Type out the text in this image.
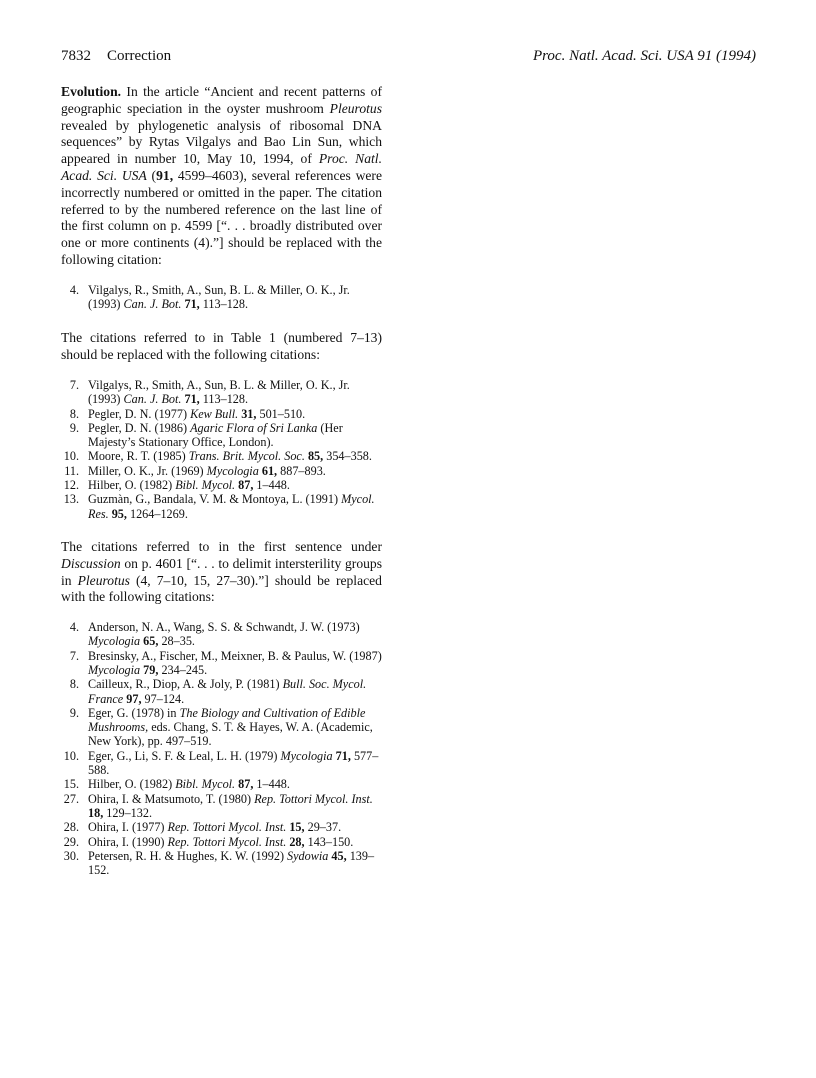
7832 Correction	Proc. Natl. Acad. Sci. USA 91 (1994)

Evolution. In the article “Ancient and recent patterns of geographic speciation in the oyster mushroom Pleurotus revealed by phylogenetic analysis of ribosomal DNA sequences” by Rytas Vilgalys and Bao Lin Sun, which appeared in number 10, May 10, 1994, of Proc. Natl. Acad. Sci. USA (91, 4599–4603), several references were incorrectly numbered or omitted in the paper. The citation referred to by the numbered reference on the last line of the first column on p. 4599 [“. . . broadly distributed over one or more continents (4).”] should be replaced with the following citation:

4. Vilgalys, R., Smith, A., Sun, B. L. & Miller, O. K., Jr. (1993) Can. J. Bot. 71, 113–128.

The citations referred to in Table 1 (numbered 7–13) should be replaced with the following citations:

7. Vilgalys, R., Smith, A., Sun, B. L. & Miller, O. K., Jr. (1993) Can. J. Bot. 71, 113–128.
8. Pegler, D. N. (1977) Kew Bull. 31, 501–510.
9. Pegler, D. N. (1986) Agaric Flora of Sri Lanka (Her Majesty’s Stationary Office, London).
10. Moore, R. T. (1985) Trans. Brit. Mycol. Soc. 85, 354–358.
11. Miller, O. K., Jr. (1969) Mycologia 61, 887–893.
12. Hilber, O. (1982) Bibl. Mycol. 87, 1–448.
13. Guzmàn, G., Bandala, V. M. & Montoya, L. (1991) Mycol. Res. 95, 1264–1269.

The citations referred to in the first sentence under Discussion on p. 4601 [“. . . to delimit intersterility groups in Pleurotus (4, 7–10, 15, 27–30).”] should be replaced with the following citations:

4. Anderson, N. A., Wang, S. S. & Schwandt, J. W. (1973) Mycologia 65, 28–35.
7. Bresinsky, A., Fischer, M., Meixner, B. & Paulus, W. (1987) Mycologia 79, 234–245.
8. Cailleux, R., Diop, A. & Joly, P. (1981) Bull. Soc. Mycol. France 97, 97–124.
9. Eger, G. (1978) in The Biology and Cultivation of Edible Mushrooms, eds. Chang, S. T. & Hayes, W. A. (Academic, New York), pp. 497–519.
10. Eger, G., Li, S. F. & Leal, L. H. (1979) Mycologia 71, 577–588.
15. Hilber, O. (1982) Bibl. Mycol. 87, 1–448.
27. Ohira, I. & Matsumoto, T. (1980) Rep. Tottori Mycol. Inst. 18, 129–132.
28. Ohira, I. (1977) Rep. Tottori Mycol. Inst. 15, 29–37.
29. Ohira, I. (1990) Rep. Tottori Mycol. Inst. 28, 143–150.
30. Petersen, R. H. & Hughes, K. W. (1992) Sydowia 45, 139–152.
